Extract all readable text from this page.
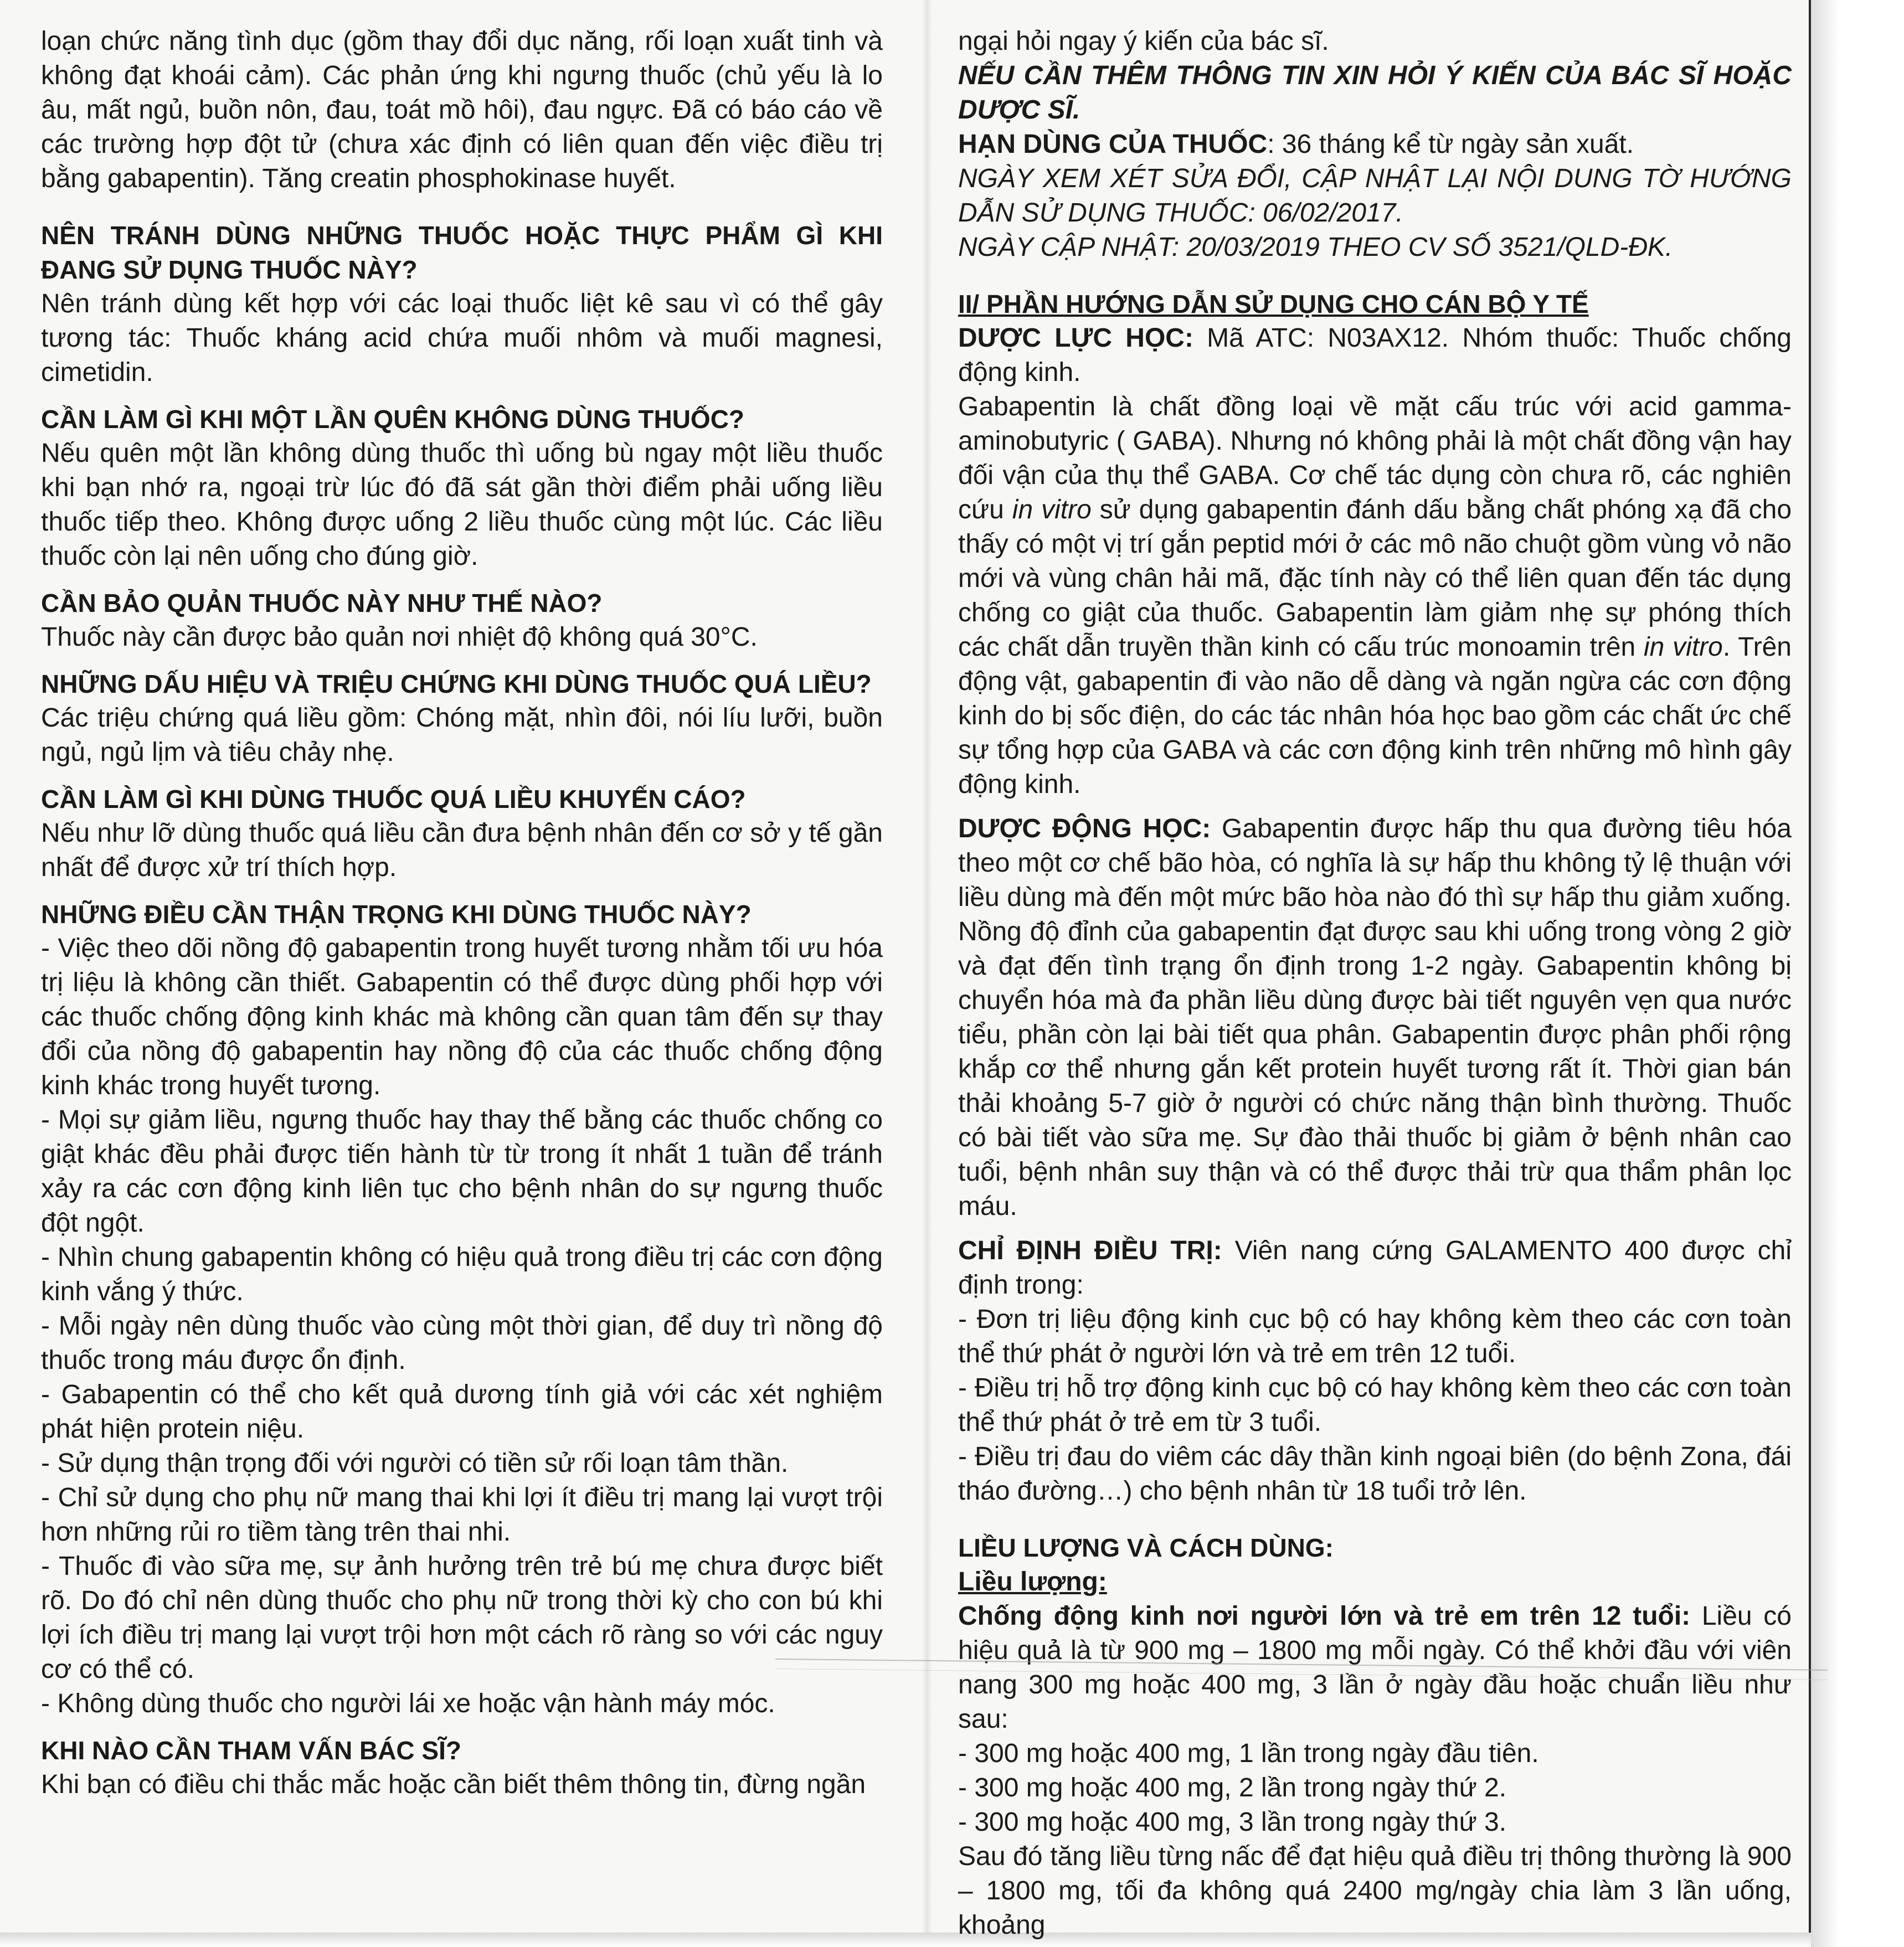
loạn chức năng tình dục (gồm thay đổi dục năng, rối loạn xuất tinh và không đạt khoái cảm). Các phản ứng khi ngưng thuốc (chủ yếu là lo âu, mất ngủ, buồn nôn, đau, toát mồ hôi), đau ngực. Đã có báo cáo về các trường hợp đột tử (chưa xác định có liên quan đến việc điều trị bằng gabapentin). Tăng creatin phosphokinase huyết.

NÊN TRÁNH DÙNG NHỮNG THUỐC HOẶC THỰC PHẨM GÌ KHI ĐANG SỬ DỤNG THUỐC NÀY?

Nên tránh dùng kết hợp với các loại thuốc liệt kê sau vì có thể gây tương tác: Thuốc kháng acid chứa muối nhôm và muối magnesi, cimetidin.

CẦN LÀM GÌ KHI MỘT LẦN QUÊN KHÔNG DÙNG THUỐC?

Nếu quên một lần không dùng thuốc thì uống bù ngay một liều thuốc khi bạn nhớ ra, ngoại trừ lúc đó đã sát gần thời điểm phải uống liều thuốc tiếp theo. Không được uống 2 liều thuốc cùng một lúc. Các liều thuốc còn lại nên uống cho đúng giờ.

CẦN BẢO QUẢN THUỐC NÀY NHƯ THẾ NÀO?

Thuốc này cần được bảo quản nơi nhiệt độ không quá 30°C.

NHỮNG DẤU HIỆU VÀ TRIỆU CHỨNG KHI DÙNG THUỐC QUÁ LIỀU?

Các triệu chứng quá liều gồm: Chóng mặt, nhìn đôi, nói líu lưỡi, buồn ngủ, ngủ lịm và tiêu chảy nhẹ.

CẦN LÀM GÌ KHI DÙNG THUỐC QUÁ LIỀU KHUYẾN CÁO?

Nếu như lỡ dùng thuốc quá liều cần đưa bệnh nhân đến cơ sở y tế gần nhất để được xử trí thích hợp.

NHỮNG ĐIỀU CẦN THẬN TRỌNG KHI DÙNG THUỐC NÀY?

- Việc theo dõi nồng độ gabapentin trong huyết tương nhằm tối ưu hóa trị liệu là không cần thiết. Gabapentin có thể được dùng phối hợp với các thuốc chống động kinh khác mà không cần quan tâm đến sự thay đổi của nồng độ gabapentin hay nồng độ của các thuốc chống động kinh khác trong huyết tương.

- Mọi sự giảm liều, ngưng thuốc hay thay thế bằng các thuốc chống co giật khác đều phải được tiến hành từ từ trong ít nhất 1 tuần để tránh xảy ra các cơn động kinh liên tục cho bệnh nhân do sự ngưng thuốc đột ngột.

- Nhìn chung gabapentin không có hiệu quả trong điều trị các cơn động kinh vắng ý thức.

- Mỗi ngày nên dùng thuốc vào cùng một thời gian, để duy trì nồng độ thuốc trong máu được ổn định.

- Gabapentin có thể cho kết quả dương tính giả với các xét nghiệm phát hiện protein niệu.

- Sử dụng thận trọng đối với người có tiền sử rối loạn tâm thần.

- Chỉ sử dụng cho phụ nữ mang thai khi lợi ít điều trị mang lại vượt trội hơn những rủi ro tiềm tàng trên thai nhi.

- Thuốc đi vào sữa mẹ, sự ảnh hưởng trên trẻ bú mẹ chưa được biết rõ. Do đó chỉ nên dùng thuốc cho phụ nữ trong thời kỳ cho con bú khi lợi ích điều trị mang lại vượt trội hơn một cách rõ ràng so với các nguy cơ có thể có.

- Không dùng thuốc cho người lái xe hoặc vận hành máy móc.

KHI NÀO CẦN THAM VẤN BÁC SĨ?

Khi bạn có điều chi thắc mắc hoặc cần biết thêm thông tin, đừng ngần

ngại hỏi ngay ý kiến của bác sĩ.

NẾU CẦN THÊM THÔNG TIN XIN HỎI Ý KIẾN CỦA BÁC SĨ HOẶC DƯỢC SĨ.

HẠN DÙNG CỦA THUỐC: 36 tháng kể từ ngày sản xuất.

NGÀY XEM XÉT SỬA ĐỔI, CẬP NHẬT LẠI NỘI DUNG TỜ HƯỚNG DẪN SỬ DỤNG THUỐC: 06/02/2017.

NGÀY CẬP NHẬT: 20/03/2019 THEO CV SỐ 3521/QLD-ĐK.

II/ PHẦN HƯỚNG DẪN SỬ DỤNG CHO CÁN BỘ Y TẾ

DƯỢC LỰC HỌC: Mã ATC: N03AX12. Nhóm thuốc: Thuốc chống động kinh.

Gabapentin là chất đồng loại về mặt cấu trúc với acid gamma- aminobutyric ( GABA). Nhưng nó không phải là một chất đồng vận hay đối vận của thụ thể GABA. Cơ chế tác dụng còn chưa rõ, các nghiên cứu in vitro sử dụng gabapentin đánh dấu bằng chất phóng xạ đã cho thấy có một vị trí gắn peptid mới ở các mô não chuột gồm vùng vỏ não mới và vùng chân hải mã, đặc tính này có thể liên quan đến tác dụng chống co giật của thuốc. Gabapentin làm giảm nhẹ sự phóng thích các chất dẫn truyền thần kinh có cấu trúc monoamin trên in vitro. Trên động vật, gabapentin đi vào não dễ dàng và ngăn ngừa các cơn động kinh do bị sốc điện, do các tác nhân hóa học bao gồm các chất ức chế sự tổng hợp của GABA và các cơn động kinh trên những mô hình gây động kinh.

DƯỢC ĐỘNG HỌC: Gabapentin được hấp thu qua đường tiêu hóa theo một cơ chế bão hòa, có nghĩa là sự hấp thu không tỷ lệ thuận với liều dùng mà đến một mức bão hòa nào đó thì sự hấp thu giảm xuống. Nồng độ đỉnh của gabapentin đạt được sau khi uống trong vòng 2 giờ và đạt đến tình trạng ổn định trong 1-2 ngày. Gabapentin không bị chuyển hóa mà đa phần liều dùng được bài tiết nguyên vẹn qua nước tiểu, phần còn lại bài tiết qua phân. Gabapentin được phân phối rộng khắp cơ thể nhưng gắn kết protein huyết tương rất ít. Thời gian bán thải khoảng 5-7 giờ ở người có chức năng thận bình thường. Thuốc có bài tiết vào sữa mẹ. Sự đào thải thuốc bị giảm ở bệnh nhân cao tuổi, bệnh nhân suy thận và có thể được thải trừ qua thẩm phân lọc máu.

CHỈ ĐỊNH ĐIỀU TRỊ: Viên nang cứng GALAMENTO 400 được chỉ định trong:

- Đơn trị liệu động kinh cục bộ có hay không kèm theo các cơn toàn thể thứ phát ở người lớn và trẻ em trên 12 tuổi.

- Điều trị hỗ trợ động kinh cục bộ có hay không kèm theo các cơn toàn thể thứ phát ở trẻ em từ 3 tuổi.

- Điều trị đau do viêm các dây thần kinh ngoại biên (do bệnh Zona, đái tháo đường…) cho bệnh nhân từ 18 tuổi trở lên.

LIỀU LƯỢNG VÀ CÁCH DÙNG:

Liều lượng:

Chống động kinh nơi người lớn và trẻ em trên 12 tuổi: Liều có hiệu quả là từ 900 mg – 1800 mg mỗi ngày. Có thể khởi đầu với viên nang 300 mg hoặc 400 mg, 3 lần ở ngày đầu hoặc chuẩn liều như sau:

- 300 mg hoặc 400 mg, 1 lần trong ngày đầu tiên.

- 300 mg hoặc 400 mg, 2 lần trong ngày thứ 2.

- 300 mg hoặc 400 mg, 3 lần trong ngày thứ 3.

Sau đó tăng liều từng nấc để đạt hiệu quả điều trị thông thường là 900 – 1800 mg, tối đa không quá 2400 mg/ngày chia làm 3 lần uống, khoảng
